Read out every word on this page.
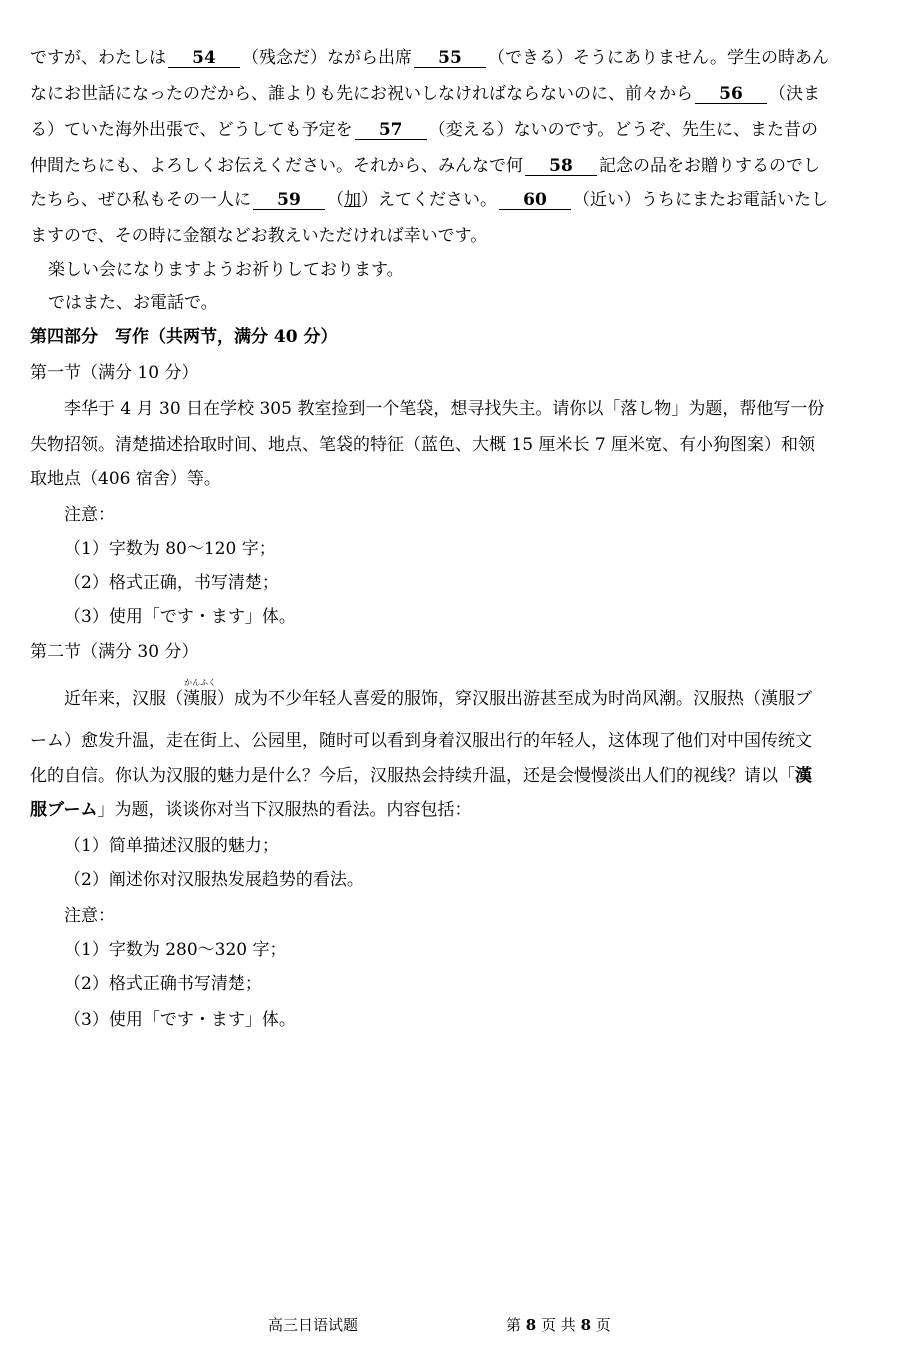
ですが、わたしは 54 （残念だ）ながら出席 55 （できる）そうにありません。学生の時あん
なにお世話になったのだから、誰よりも先にお祝いしなければならないのに、前々から 56 （決ま
る）ていた海外出張で、どうしても予定を 57 （変える）ないのです。どうぞ、先生に、また昔の
仲間たちにも、よろしくお伝えください。それから、みんなで何 58 記念の品をお贈りするのでし
たちら、ぜひ私もその一人に 59 （加）えてください。 60 （近い）うちにまたお電話いたし
ますので、その時に金額などお教えいただければ幸いです。
楽しい会になりますようお祈りしております。
ではまた、お電話で。
第四部分　写作（共两节，满分 40 分）
第一节（满分 10 分）
李华于 4 月 30 日在学校 305 教室捡到一个笔袋，想寻找失主。请你以「落し物」为题，帮他写一份
失物招领。清楚描述拾取时间、地点、笔袋的特征（蓝色、大概 15 厘米长 7 厘米宽、有小狗图案）和领
取地点（406 宿舍）等。
注意：
（1）字数为 80～120 字；
（2）格式正确，书写清楚；
（3）使用「です・ます」体。
第二节（满分 30 分）
近年来，汉服（
かんふく
漢服）成为不少年轻人喜爱的服饰，穿汉服出游甚至成为时尚风潮。汉服热（漢服ブ
ーム）愈发升温，走在街上、公园里，随时可以看到身着汉服出行的年轻人，这体现了他们对中国传统文
化的自信。你认为汉服的魅力是什么？今后，汉服热会持续升温，还是会慢慢淡出人们的视线？请以「漢
服ブーム」为题，谈谈你对当下汉服热的看法。内容包括：
（1）简单描述汉服的魅力；
（2）阐述你对汉服热发展趋势的看法。
注意：
（1）字数为 280～320 字；
（2）格式正确书写清楚；
（3）使用「です・ます」体。
高三日语试题	第 8 页 共 8 页
